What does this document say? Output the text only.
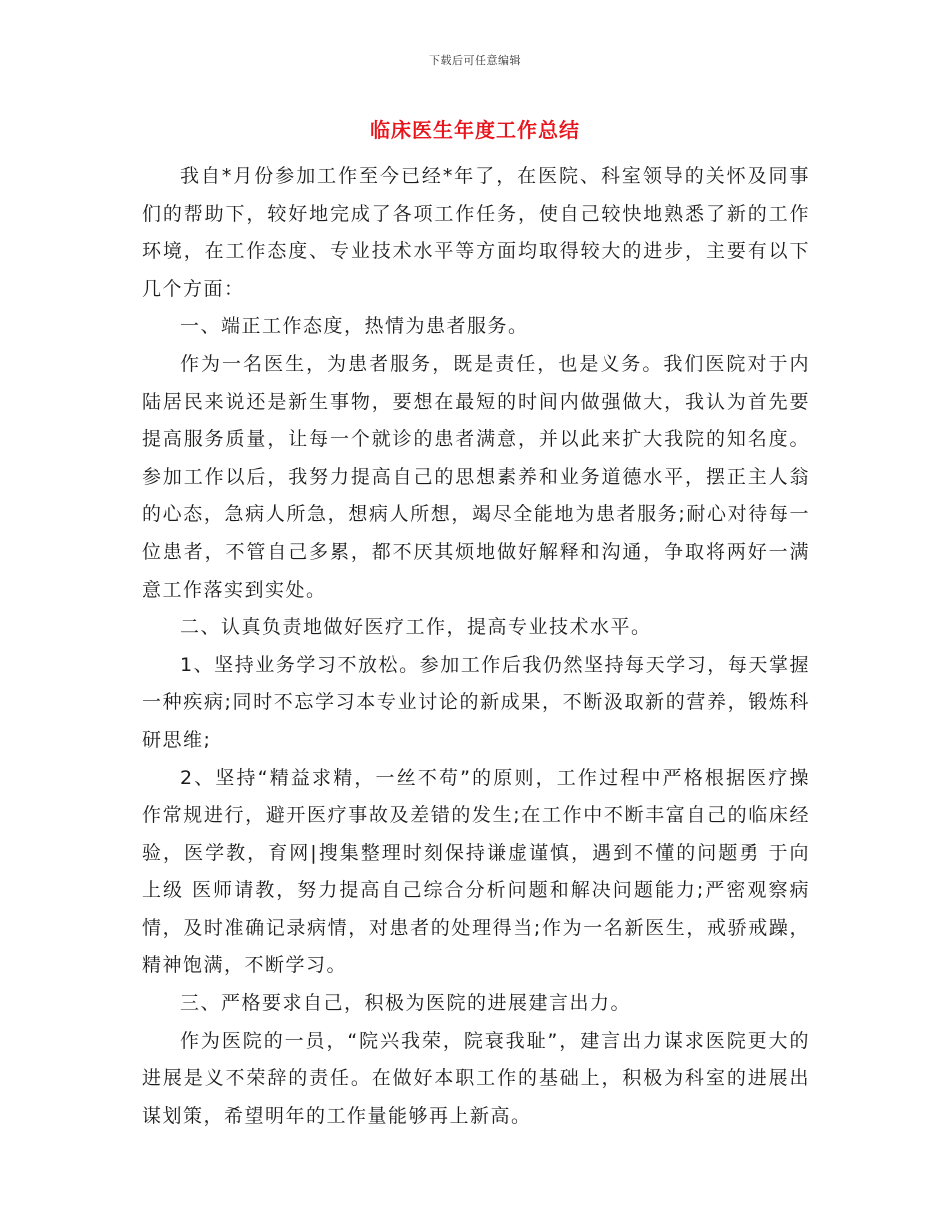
下载后可任意编辑
临床医生年度工作总结

我自*月份参加工作至今已经*年了，在医院、科室领导的关怀及同事们的帮助下，较好地完成了各项工作任务，使自己较快地熟悉了新的工作环境，在工作态度、专业技术水平等方面均取得较大的进步，主要有以下几个方面：

一、端正工作态度，热情为患者服务。

作为一名医生，为患者服务，既是责任，也是义务。我们医院对于内陆居民来说还是新生事物，要想在最短的时间内做强做大，我认为首先要提高服务质量，让每一个就诊的患者满意，并以此来扩大我院的知名度。参加工作以后，我努力提高自己的思想素养和业务道德水平，摆正主人翁的心态，急病人所急，想病人所想，竭尽全能地为患者服务;耐心对待每一位患者，不管自己多累，都不厌其烦地做好解释和沟通，争取将两好一满意工作落实到实处。

二、认真负责地做好医疗工作，提高专业技术水平。

1、坚持业务学习不放松。参加工作后我仍然坚持每天学习，每天掌握一种疾病;同时不忘学习本专业讨论的新成果，不断汲取新的营养，锻炼科研思维;

2、坚持“精益求精，一丝不苟”的原则，工作过程中严格根据医疗操作常规进行，避开医疗事故及差错的发生;在工作中不断丰富自己的临床经验，医学教，育网|搜集整理时刻保持谦虚谨慎，遇到不懂的问题勇 于向上级 医师请教，努力提高自己综合分析问题和解决问题能力;严密观察病情，及时准确记录病情，对患者的处理得当;作为一名新医生，戒骄戒躁，精神饱满，不断学习。

三、严格要求自己，积极为医院的进展建言出力。

作为医院的一员，“院兴我荣，院衰我耻”，建言出力谋求医院更大的进展是义不荣辞的责任。在做好本职工作的基础上，积极为科室的进展出谋划策，希望明年的工作量能够再上新高。
